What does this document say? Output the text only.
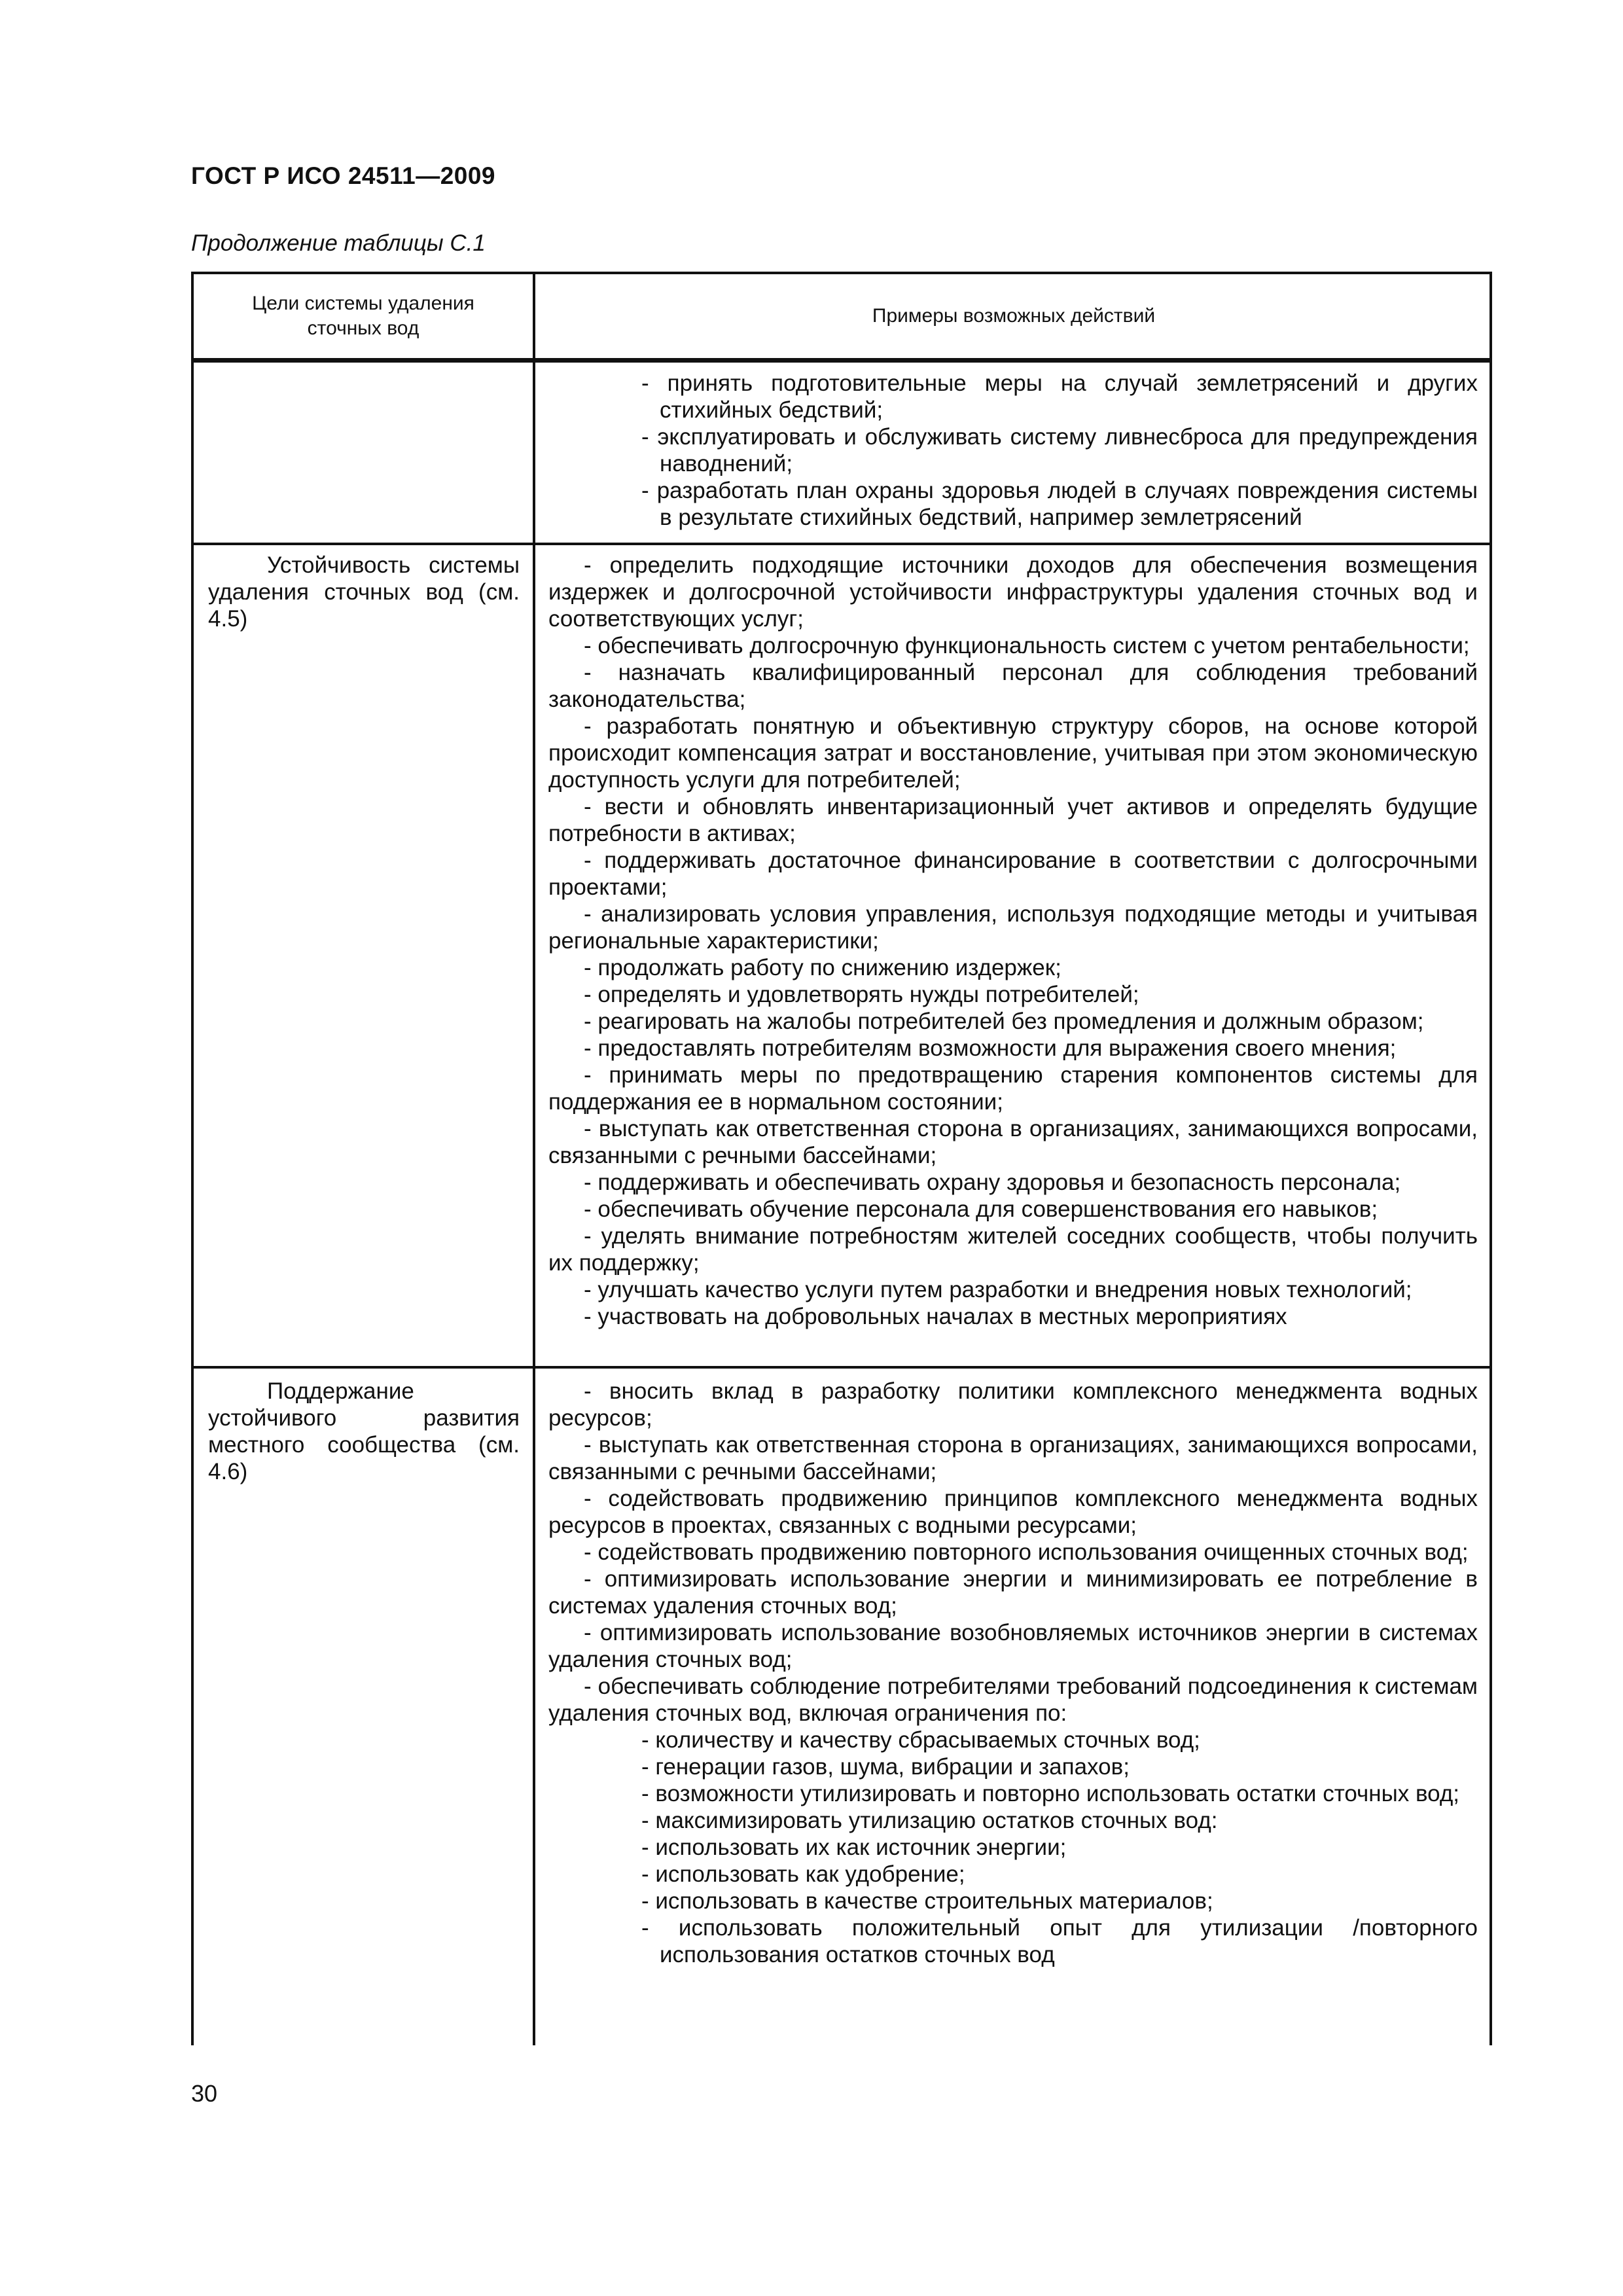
ГОСТ Р ИСО 24511—2009
Продолжение таблицы С.1
Цели системы удаления сточных вод
Примеры возможных действий
- принять подготовительные меры на случай землетрясений и других стихийных бедствий;
- эксплуатировать и обслуживать систему ливнесброса для предупреждения наводнений;
- разработать план охраны здоровья людей в случаях повреждения системы в результате стихийных бедствий, например землетрясений
Устойчивость системы удаления сточных вод (см. 4.5)
- определить подходящие источники доходов для обеспечения возмещения издержек и долгосрочной устойчивости инфраструктуры удаления сточных вод и соответствующих услуг;
- обеспечивать долгосрочную функциональность систем с учетом рентабельности;
- назначать квалифицированный персонал для соблюдения требований законодательства;
- разработать понятную и объективную структуру сборов, на основе которой происходит компенсация затрат и восстановление, учитывая при этом экономическую доступность услуги для потребителей;
- вести и обновлять инвентаризационный учет активов и определять будущие потребности в активах;
- поддерживать достаточное финансирование в соответствии с долгосрочными проектами;
- анализировать условия управления, используя подходящие методы и учитывая региональные характеристики;
- продолжать работу по снижению издержек;
- определять и удовлетворять нужды потребителей;
- реагировать на жалобы потребителей без промедления и должным образом;
- предоставлять потребителям возможности для выражения своего мнения;
- принимать меры по предотвращению старения компонентов системы для поддержания ее в нормальном состоянии;
- выступать как ответственная сторона в организациях, занимающихся вопросами, связанными с речными бассейнами;
- поддерживать и обеспечивать охрану здоровья и безопасность персонала;
- обеспечивать обучение персонала для совершенствования его навыков;
- уделять внимание потребностям жителей соседних сообществ, чтобы получить их поддержку;
- улучшать качество услуги путем разработки и внедрения новых технологий;
- участвовать на добровольных началах в местных мероприятиях
Поддержание устойчивого развития местного сообщества (см. 4.6)
- вносить вклад в разработку политики комплексного менеджмента водных ресурсов;
- выступать как ответственная сторона в организациях, занимающихся вопросами, связанными с речными бассейнами;
- содействовать продвижению принципов комплексного менеджмента водных ресурсов в проектах, связанных с водными ресурсами;
- содействовать продвижению повторного использования очищенных сточных вод;
- оптимизировать использование энергии и минимизировать ее потребление в системах удаления сточных вод;
- оптимизировать использование возобновляемых источников энергии в системах удаления сточных вод;
- обеспечивать соблюдение потребителями требований подсоединения к системам удаления сточных вод, включая ограничения по:
- количеству и качеству сбрасываемых сточных вод;
- генерации газов, шума, вибрации и запахов;
- возможности утилизировать и повторно использовать остатки сточных вод;
- максимизировать утилизацию остатков сточных вод:
- использовать их как источник энергии;
- использовать как удобрение;
- использовать в качестве строительных материалов;
- использовать положительный опыт для утилизации /повторного использования остатков сточных вод
30
